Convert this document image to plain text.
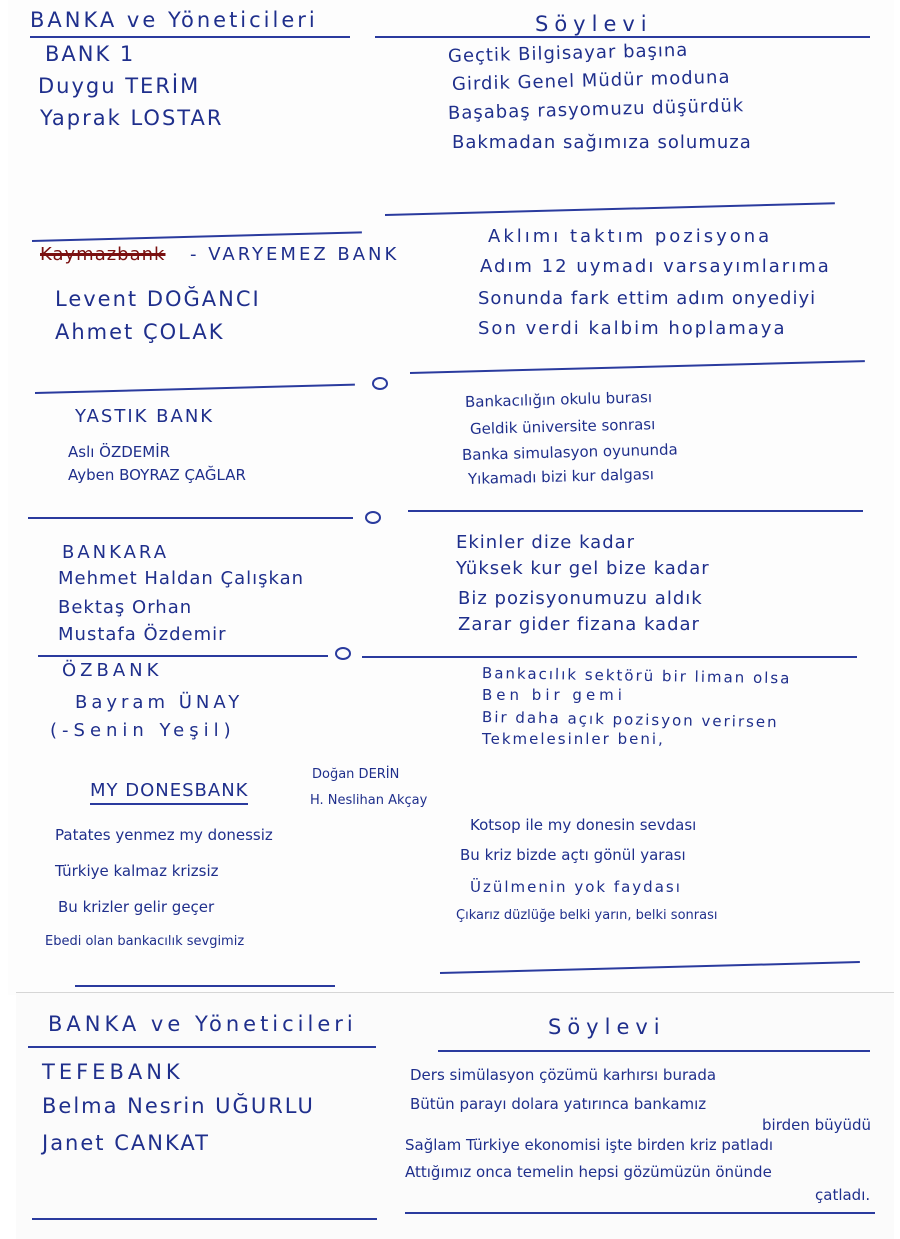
BANKA ve Yöneticileri	Söylevi
BANK 1
Duygu TERİM
Yaprak LOSTAR
Geçtik Bilgisayar başına
Girdik Genel Müdür moduna
Başabaş rasyomuzu düşürdük
Bakmadan sağımıza solumuza
Kaymazbank - VARYEMEZ BANK
Levent DOĞANCI
Ahmet ÇOLAK
Aklımı taktım pozisyona
Adım 12 uymadı varsayımlarıma
Sonunda fark ettim adım onyediyi
Son verdi kalbim hoplamaya
YASTIK BANK
Aslı ÖZDEMİR
Ayben BOYRAZ ÇAĞLAR
Bankacılığın okulu burası
Geldik üniversite sonrası
Banka simulasyon oyununda
Yıkamadı bizi kur dalgası
BANKARA
Mehmet Haldan Çalışkan
Bektaş Orhan
Mustafa Özdemir
Ekinler dize kadar
Yüksek kur gel bize kadar
Biz pozisyonumuzu aldık
Zarar gider fizana kadar
ÖZBANK
Bayram ÜNAY
(-Senin Yeşil)
Bankacılık sektörü bir liman olsa
Ben bir gemi
Bir daha açık pozisyon verirsen
Tekmelesinler beni,
MY DONESBANK
Doğan DERİN
H. Neslihan Akçay
Patates yenmez my donessiz
Türkiye kalmaz krizsiz
Bu krizler gelir geçer
Ebedi olan bankacılık sevgimiz
Kotsop ile my donesin sevdası
Bu kriz bizde açtı gönül yarası
Üzülmenin yok faydası
Çıkarız düzlüğe belki yarın, belki sonrası
BANKA ve Yöneticileri	Söylevi
TEFEBANK
Belma Nesrin UĞURLU
Janet CANKAT
Ders simülasyon çözümü karhırsı burada
Bütün parayı dolara yatırınca bankamız
birden büyüdü
Sağlam Türkiye ekonomisi işte birden kriz patladı
Attığımız onca temelin hepsi gözümüzün önünde
çatladı.
